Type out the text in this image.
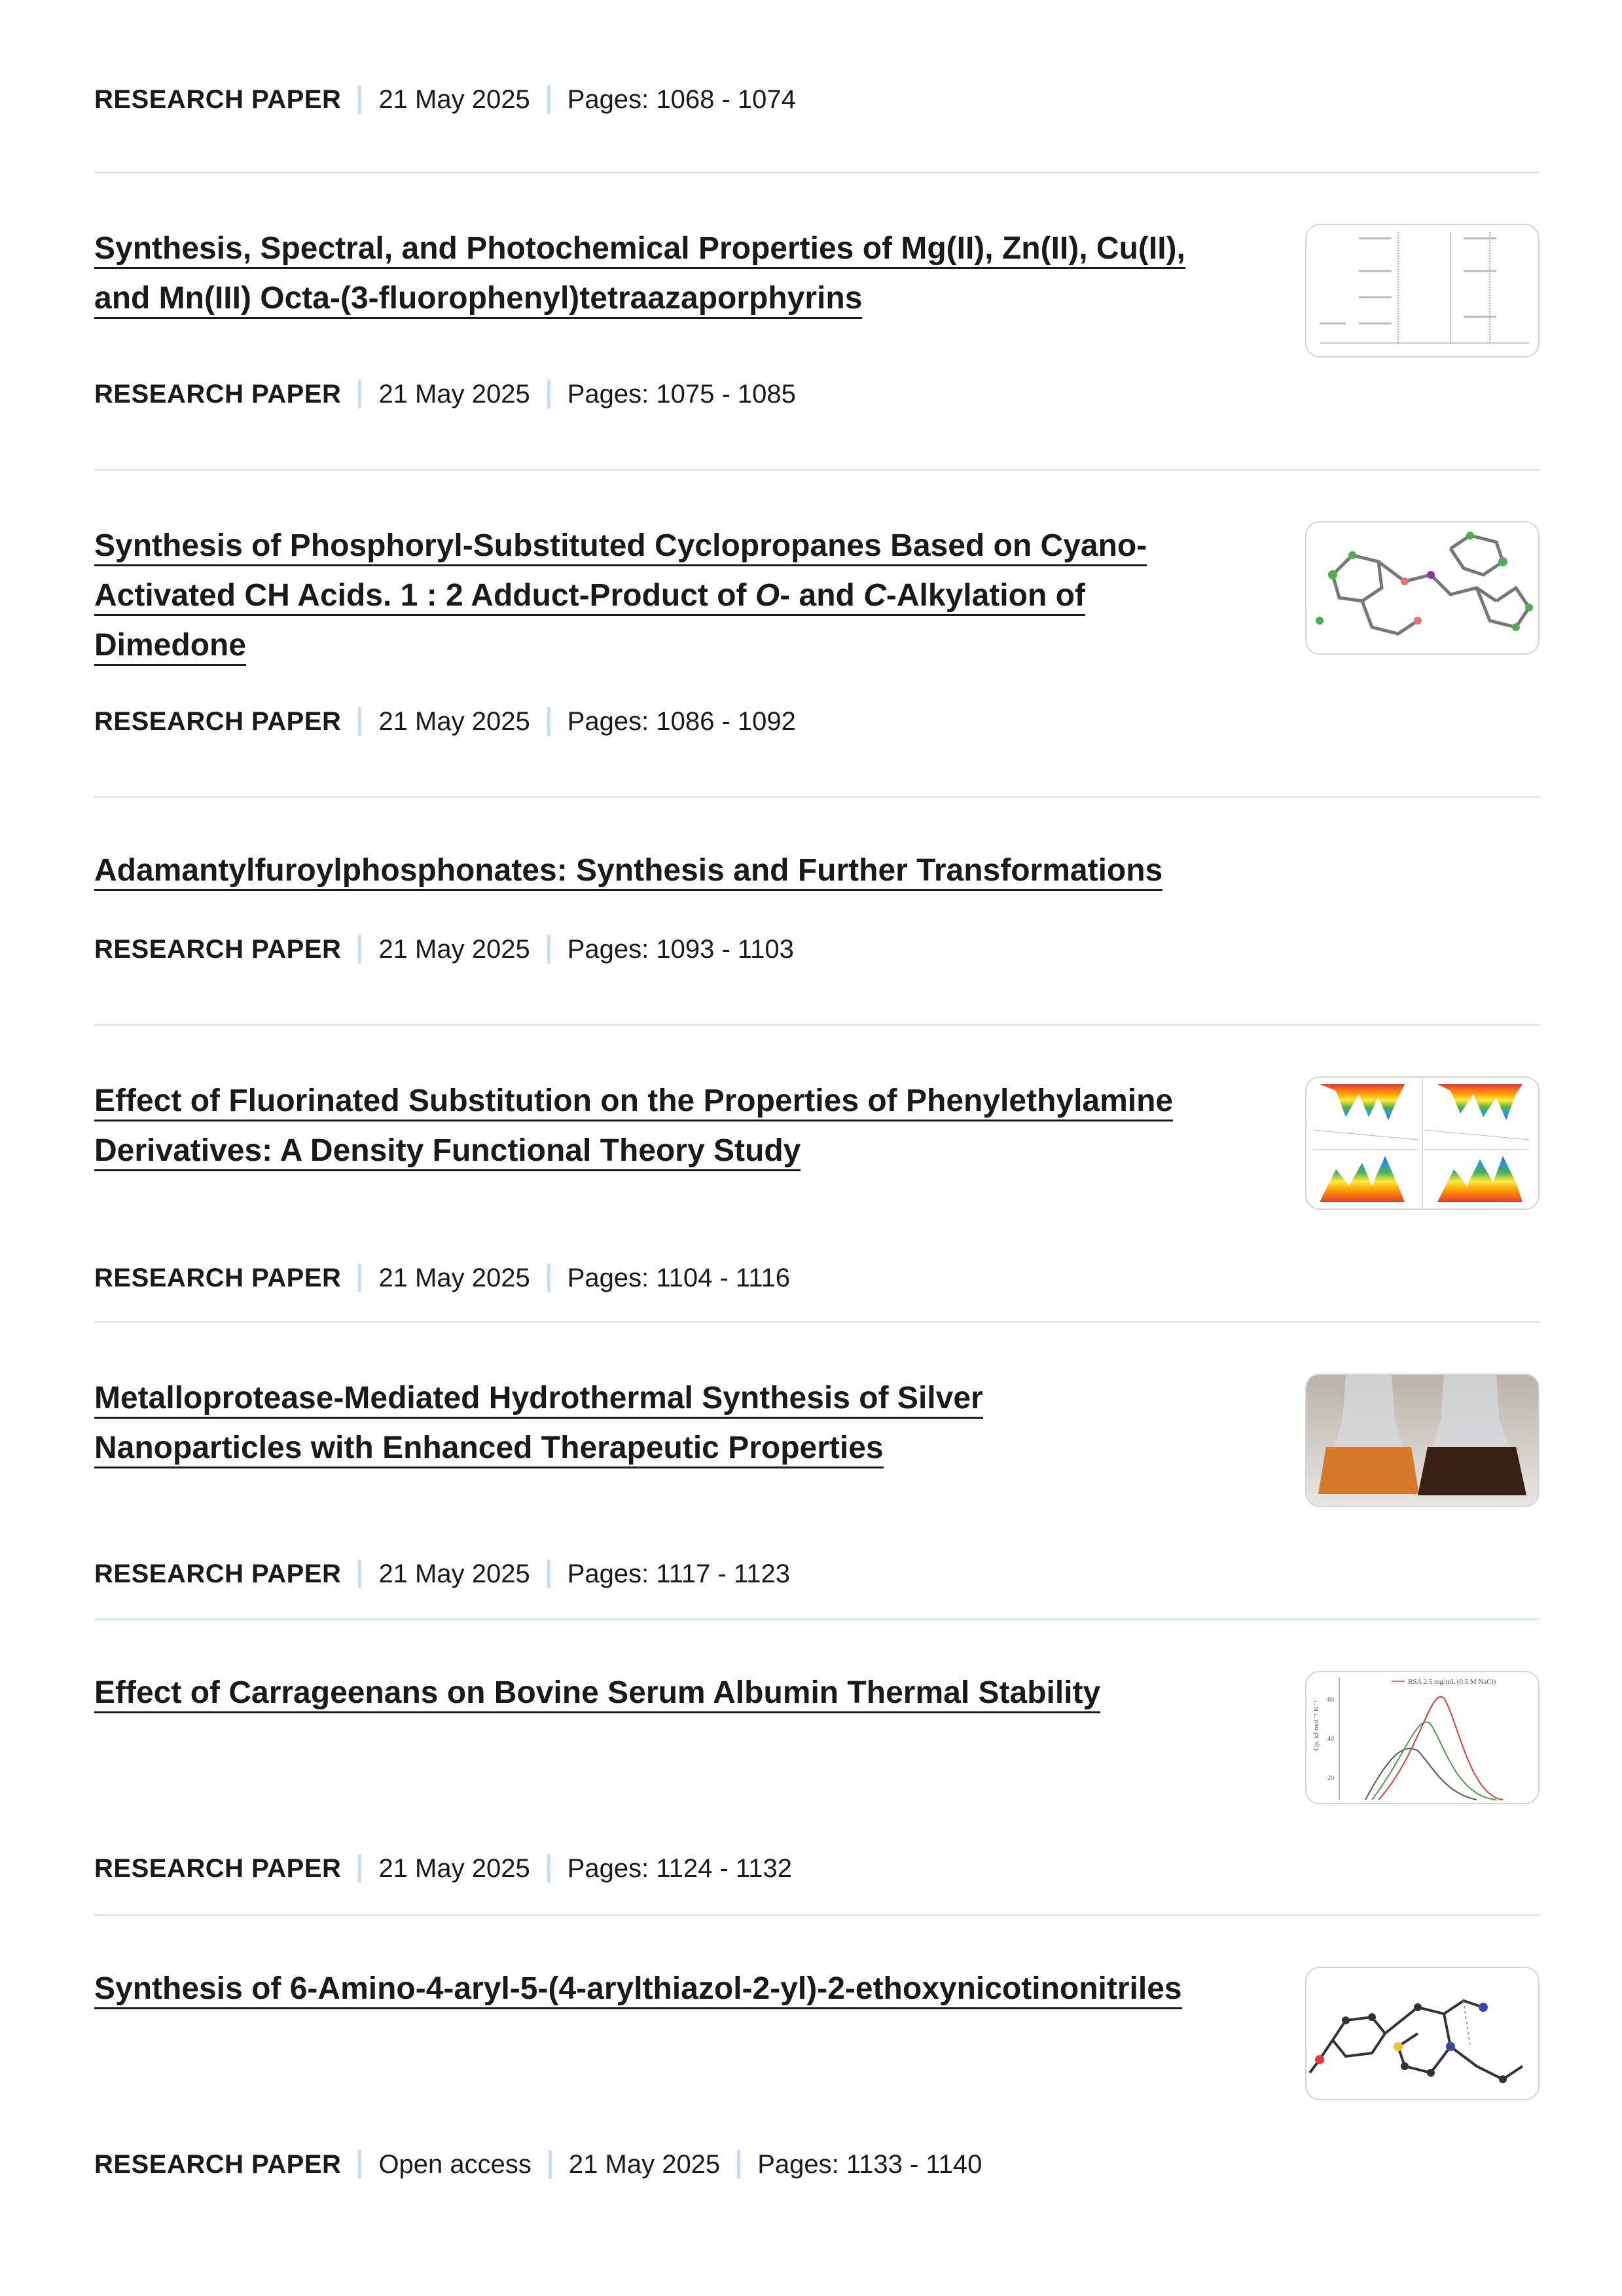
RESEARCH PAPER 21 May 2025 Pages: 1068 - 1074
Synthesis, Spectral, and Photochemical Properties of Mg(II), Zn(II), Cu(II),
and Mn(III) Octa-(3-fluorophenyl)tetraazaporphyrins
RESEARCH PAPER 21 May 2025 Pages: 1075 - 1085
Synthesis of Phosphoryl-Substituted Cyclopropanes Based on Cyano-
Activated CH Acids. 1 : 2 Adduct-Product of O- and C-Alkylation of
Dimedone
RESEARCH PAPER 21 May 2025 Pages: 1086 - 1092
Adamantylfuroylphosphonates: Synthesis and Further Transformations
RESEARCH PAPER 21 May 2025 Pages: 1093 - 1103
Effect of Fluorinated Substitution on the Properties of Phenylethylamine
Derivatives: A Density Functional Theory Study
RESEARCH PAPER 21 May 2025 Pages: 1104 - 1116
Metalloprotease-Mediated Hydrothermal Synthesis of Silver
Nanoparticles with Enhanced Therapeutic Properties
RESEARCH PAPER 21 May 2025 Pages: 1117 - 1123
Effect of Carrageenans on Bovine Serum Albumin Thermal Stability	BSA 2.5 mg/mL (0.5 M NaCl)
Cp, kJ mol⁻¹ K⁻¹
60
40
20
RESEARCH PAPER 21 May 2025 Pages: 1124 - 1132
Synthesis of 6-Amino-4-aryl-5-(4-arylthiazol-2-yl)-2-ethoxynicotinonitriles
RESEARCH PAPER Open access 21 May 2025 Pages: 1133 - 1140
